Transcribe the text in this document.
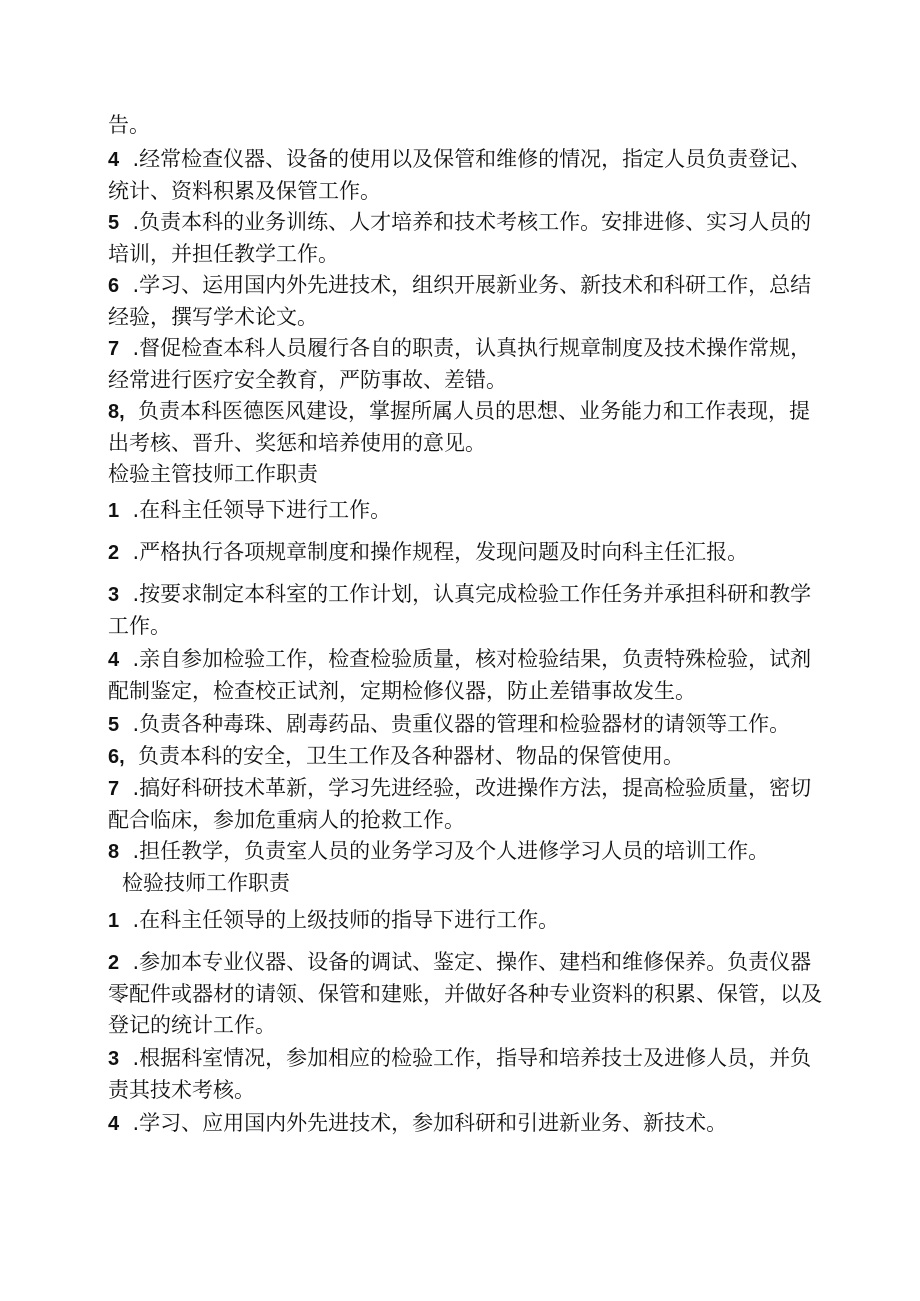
告。
4 .经常检查仪器、设备的使用以及保管和维修的情况，指定人员负责登记、统计、资料积累及保管工作。
5 .负责本科的业务训练、人才培养和技术考核工作。安排进修、实习人员的培训，并担任教学工作。
6 .学习、运用国内外先进技术，组织开展新业务、新技术和科研工作，总结经验，撰写学术论文。
7 .督促检查本科人员履行各自的职责，认真执行规章制度及技术操作常规，经常进行医疗安全教育，严防事故、差错。
8, 负责本科医德医风建设，掌握所属人员的思想、业务能力和工作表现，提出考核、晋升、奖惩和培养使用的意见。
检验主管技师工作职责
1 .在科主任领导下进行工作。
2 .严格执行各项规章制度和操作规程，发现问题及时向科主任汇报。
3 .按要求制定本科室的工作计划，认真完成检验工作任务并承担科研和教学工作。
4 .亲自参加检验工作，检查检验质量，核对检验结果，负责特殊检验，试剂配制鉴定，检查校正试剂，定期检修仪器，防止差错事故发生。
5 .负责各种毒珠、剧毒药品、贵重仪器的管理和检验器材的请领等工作。
6, 负责本科的安全，卫生工作及各种器材、物品的保管使用。
7 .搞好科研技术革新，学习先进经验，改进操作方法，提高检验质量，密切配合临床，参加危重病人的抢救工作。
8 .担任教学，负责室人员的业务学习及个人进修学习人员的培训工作。
检验技师工作职责
1 .在科主任领导的上级技师的指导下进行工作。
2 .参加本专业仪器、设备的调试、鉴定、操作、建档和维修保养。负责仪器零配件或器材的请领、保管和建账，并做好各种专业资料的积累、保管，以及登记的统计工作。
3 .根据科室情况，参加相应的检验工作，指导和培养技士及进修人员，并负责其技术考核。
4 .学习、应用国内外先进技术，参加科研和引进新业务、新技术。
